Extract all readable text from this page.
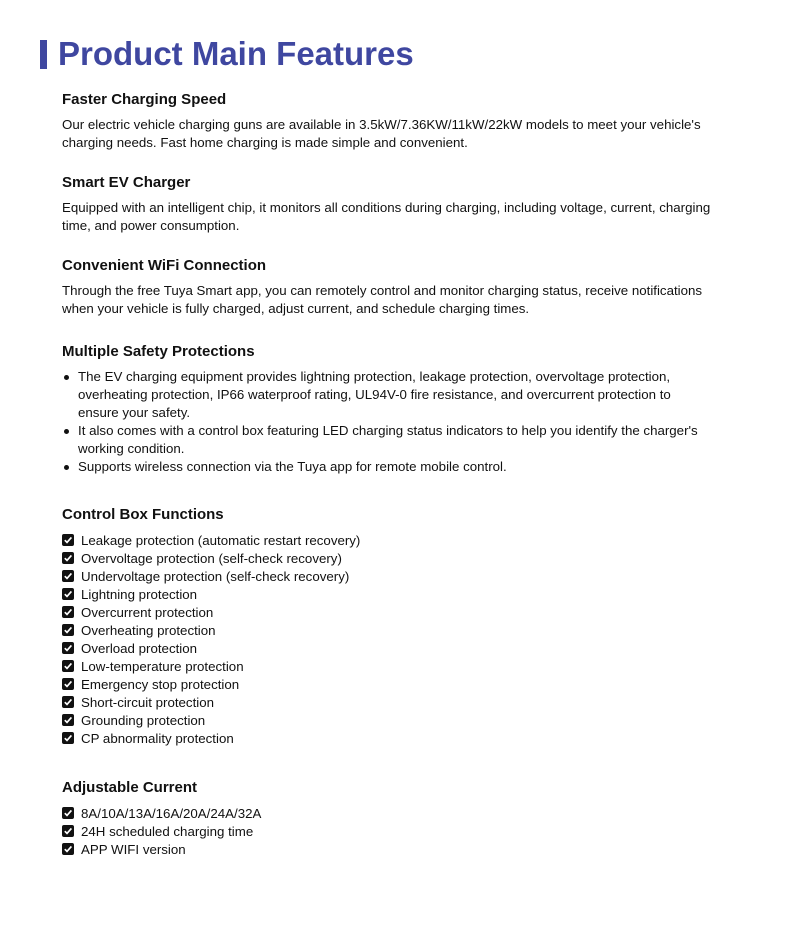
Product Main Features
Faster Charging Speed

Our electric vehicle charging guns are available in 3.5kW/7.36KW/11kW/22kW models to meet your vehicle's
charging needs. Fast home charging is made simple and convenient.

Smart EV Charger

Equipped with an intelligent chip, it monitors all conditions during charging, including voltage, current, charging
time, and power consumption.

Convenient WiFi Connection

Through the free Tuya Smart app, you can remotely control and monitor charging status, receive notifications
when your vehicle is fully charged, adjust current, and schedule charging times.

Multiple Safety Protections
The EV charging equipment provides lightning protection, leakage protection, overvoltage protection,
overheating protection, IP66 waterproof rating, UL94V-0 fire resistance, and overcurrent protection to
ensure your safety.
It also comes with a control box featuring LED charging status indicators to help you identify the charger's
working condition.
Supports wireless connection via the Tuya app for remote mobile control.
Control Box Functions
Leakage protection (automatic restart recovery)
Overvoltage protection (self-check recovery)
Undervoltage protection (self-check recovery)
Lightning protection
Overcurrent protection
Overheating protection
Overload protection
Low-temperature protection
Emergency stop protection
Short-circuit protection
Grounding protection
CP abnormality protection
Adjustable Current
8A/10A/13A/16A/20A/24A/32A
24H scheduled charging time
APP WIFI version
